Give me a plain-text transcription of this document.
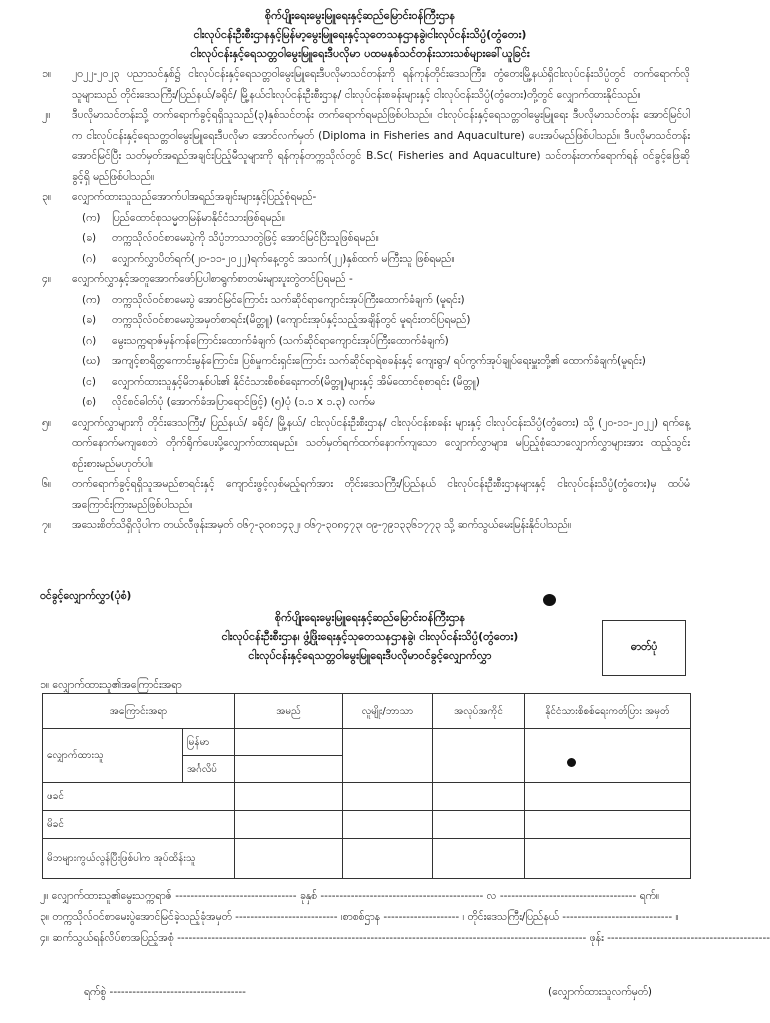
စိုက်ပျိုးရေးမွေးမြူရေးနှင့်ဆည်မြောင်းဝန်ကြီးဌာန
ငါးလုပ်ငန်းဦးစီးဌာနနှင့်မြန်မာ့မွေးမြူရေးနှင့်သုတေသနဌာနခွဲ၊ငါးလုပ်ငန်းသိပ္ပံ(တွံတေး)
ငါးလုပ်ငန်းနှင့်ရေသတ္တဝါမွေးမြူရေးဒီပလိုမာ ပထမနှစ်သင်တန်းသားသစ်များခေါ်ယူခြင်း
၁။ ၂၀၂၂-၂၀၂၃ ပညာသင်နှစ်၌ ငါးလုပ်ငန်းနှင့်ရေသတ္တဝါမွေးမြူရေးဒီပလိုမာသင်တန်းကို ရန်ကုန်တိုင်းဒေသကြီး၊ တွံတေးမြို့နယ်ရှိငါးလုပ်ငန်းသိပ္ပံတွင် တက်ရောက်လိုသူများသည် တိုင်းဒေသကြီး/ပြည်နယ်/ခရိုင်/ မြို့နယ်ငါးလုပ်ငန်းဦးစီးဌာန/ ငါးလုပ်ငန်းစခန်းများနှင့် ငါးလုပ်ငန်းသိပ္ပံ(တွံတေး)တို့တွင် လျှောက်ထားနိုင်သည်။
၂။ ဒီပလိုမာသင်တန်းသို့ တက်ရောက်ခွင့်ရရှိသူသည်(၃)နှစ်သင်တန်း တက်ရောက်ရမည်ဖြစ်ပါသည်။ ငါးလုပ်ငန်းနှင့်ရေသတ္တဝါမွေးမြူရေး ဒီပလိုမာသင်တန်း အောင်မြင်ပါက ငါးလုပ်ငန်းနှင့်ရေသတ္တဝါမွေးမြူရေးဒီပလိုမာ အောင်လက်မှတ် (Diploma in Fisheries and Aquaculture) ပေးအပ်မည်ဖြစ်ပါသည်။ ဒီပလိုမာသင်တန်း အောင်မြင်ပြီး သတ်မှတ်အရည်အချင်းပြည့်မီသူများကို ရန်ကုန်တက္ကသိုလ်တွင် B.Sc( Fisheries and Aquaculture) သင်တန်းတက်ရောက်ရန် ဝင်ခွင့်ဖြေဆိုခွင့်ရှိ မည်ဖြစ်ပါသည်။
၃။ လျှောက်ထားသူသည်အောက်ပါအရည်အချင်းများနှင့်ပြည့်စုံရမည်-
(က) ပြည်ထောင်စုသမ္မတမြန်မာနိုင်ငံသားဖြစ်ရမည်။
(ခ) တက္ကသိုလ်ဝင်စာမေးပွဲကို သိပ္ပံဘာသာတွဲဖြင့် အောင်မြင်ပြီးသူဖြစ်ရမည်။
(ဂ) လျှောက်လွှာပိတ်ရက်(၂၀-၁၁-၂၀၂၂)ရက်နေ့တွင် အသက်(၂၂)နှစ်ထက် မကြီးသူ ဖြစ်ရမည်။
၄။ လျှောက်လွှာနှင့်အတူအောက်ဖော်ပြပါစာရွက်စာတမ်းများပူးတွဲတင်ပြရမည် -
(က) တက္ကသိုလ်ဝင်စာမေးပွဲ အောင်မြင်ကြောင်း သက်ဆိုင်ရာကျောင်းအုပ်ကြီးထောက်ခံချက် (မူရင်း)
(ခ) တက္ကသိုလ်ဝင်စာမေးပွဲအမှတ်စာရင်း(မိတ္တူ) (ကျောင်းအုပ်နှင့်သည့်အချိန်တွင် မူရင်းတင်ပြရမည်)
(ဂ) မွေးသက္ကရာဇ်မှန်ကန်ကြောင်းထောက်ခံချက် (သက်ဆိုင်ရာကျောင်းအုပ်ကြီးထောက်ခံချက်)
(ဃ) အကျင့်စာရိတ္တကောင်းမွန်ကြောင်း၊ ပြစ်မှုကင်းရှင်းကြောင်း သက်ဆိုင်ရာရဲစခန်းနှင့် ကျေးရွာ/ ရပ်ကွက်အုပ်ချုပ်ရေးမှူးတို့၏ ထောက်ခံချက်(မူရင်း)
(င) လျှောက်ထားသူနှင့်မိဘနှစ်ပါး၏ နိုင်ငံသားစိစစ်ရေးကတ်(မိတ္တူ)များနှင့် အိမ်ထောင်စုစာရင်း (မိတ္တူ)
(စ) လိုင်စင်ဓါတ်ပုံ (အောက်ခံအပြာရောင်ဖြင့်) (၅)ပုံ (၁.၁ x ၁.၃) လက်မ
၅။ လျှောက်လွှာများကို တိုင်းဒေသကြီး/ ပြည်နယ်/ ခရိုင်/ မြို့နယ်/ ငါးလုပ်ငန်းဦးစီးဌာန/ ငါးလုပ်ငန်းစခန်း များနှင့် ငါးလုပ်ငန်းသိပ္ပံ(တွံတေး) သို့ (၂၀-၁၁-၂၀၂၂) ရက်နေ့ထက်နောက်မကျစေဘဲ တိုက်ရိုက်ပေးပို့လျှောက်ထားရမည်။ သတ်မှတ်ရက်ထက်နောက်ကျသော လျှောက်လွှာများ၊ မပြည့်စုံသောလျှောက်လွှာများအား ထည့်သွင်းစဉ်းစားမည်မဟုတ်ပါ။
၆။ တက်ရောက်ခွင့်ရရှိသူအမည်စာရင်းနှင့် ကျောင်းဖွင့်လှစ်မည့်ရက်အား တိုင်းဒေသကြီး/ပြည်နယ် ငါးလုပ်ငန်းဦးစီးဌာနများနှင့် ငါးလုပ်ငန်းသိပ္ပံ(တွံတေး)မှ ထပ်မံအကြောင်းကြားမည်ဖြစ်ပါသည်။
၇။ အသေးစိတ်သိရှိလိုပါက တယ်လီဖုန်းအမှတ် ၀၆၇-၃၀၈၁၄၃၂၊ ၀၆၇-၃၀၈၄၇၃၊ ၀၉-၇၉၁၃၃၆၁၇၇၃ သို့ ဆက်သွယ်မေးမြန်းနိုင်ပါသည်။
ဝင်ခွင့်လျှောက်လွှာ(ပုံစံ)
စိုက်ပျိုးရေးမွေးမြူရေးနှင့်ဆည်မြောင်းဝန်ကြီးဌာန
ငါးလုပ်ငန်းဦးစီးဌာန၊ ဖွံ့ဖြိုးရေးနှင့်သုတေသနဌာနခွဲ၊ ငါးလုပ်ငန်းသိပ္ပံ(တွံတေး)
ငါးလုပ်ငန်းနှင့်ရေသတ္တဝါမွေးမြူရေးဒီပလိုမာဝင်ခွင့်လျှောက်လွှာ
ဓာတ်ပုံ
၁။ လျှောက်ထားသူ၏အကြောင်းအရာ
အကြောင်းအရာ		အမည်	လူမျိုး/ဘာသာ	အလုပ်အကိုင်	နိုင်ငံသားစိစစ်ရေးကတ်ပြား အမှတ်
လျှောက်ထားသူ	မြန်မာ				
	အင်္ဂလိပ်				
ဖခင်					
မိခင်					
မိဘများကွယ်လွန်ပြီးဖြစ်ပါက အုပ်ထိန်းသူ					
၂။ လျှောက်ထားသူ၏မွေးသက္ကရာဇ် -------------------------------- ခုနှစ် ------------------------------------------- လ ------------------------------------ ရက်။
၃။ တက္ကသိုလ်ဝင်စာမေးပွဲအောင်မြင်ခဲ့သည့်ခုံအမှတ် --------------------------- ၊စာစစ်ဌာန -------------------- ၊ တိုင်းဒေသကြီး/ပြည်နယ် ----------------------------- ။
၄။ ဆက်သွယ်ရန်လိပ်စာအပြည့်အစုံ ------------------------------------------------------------------------------------------------------------ ဖုန်း -------------------------------------------
ရက်စွဲ ------------------------------------	(လျှောက်ထားသူလက်မှတ်)
